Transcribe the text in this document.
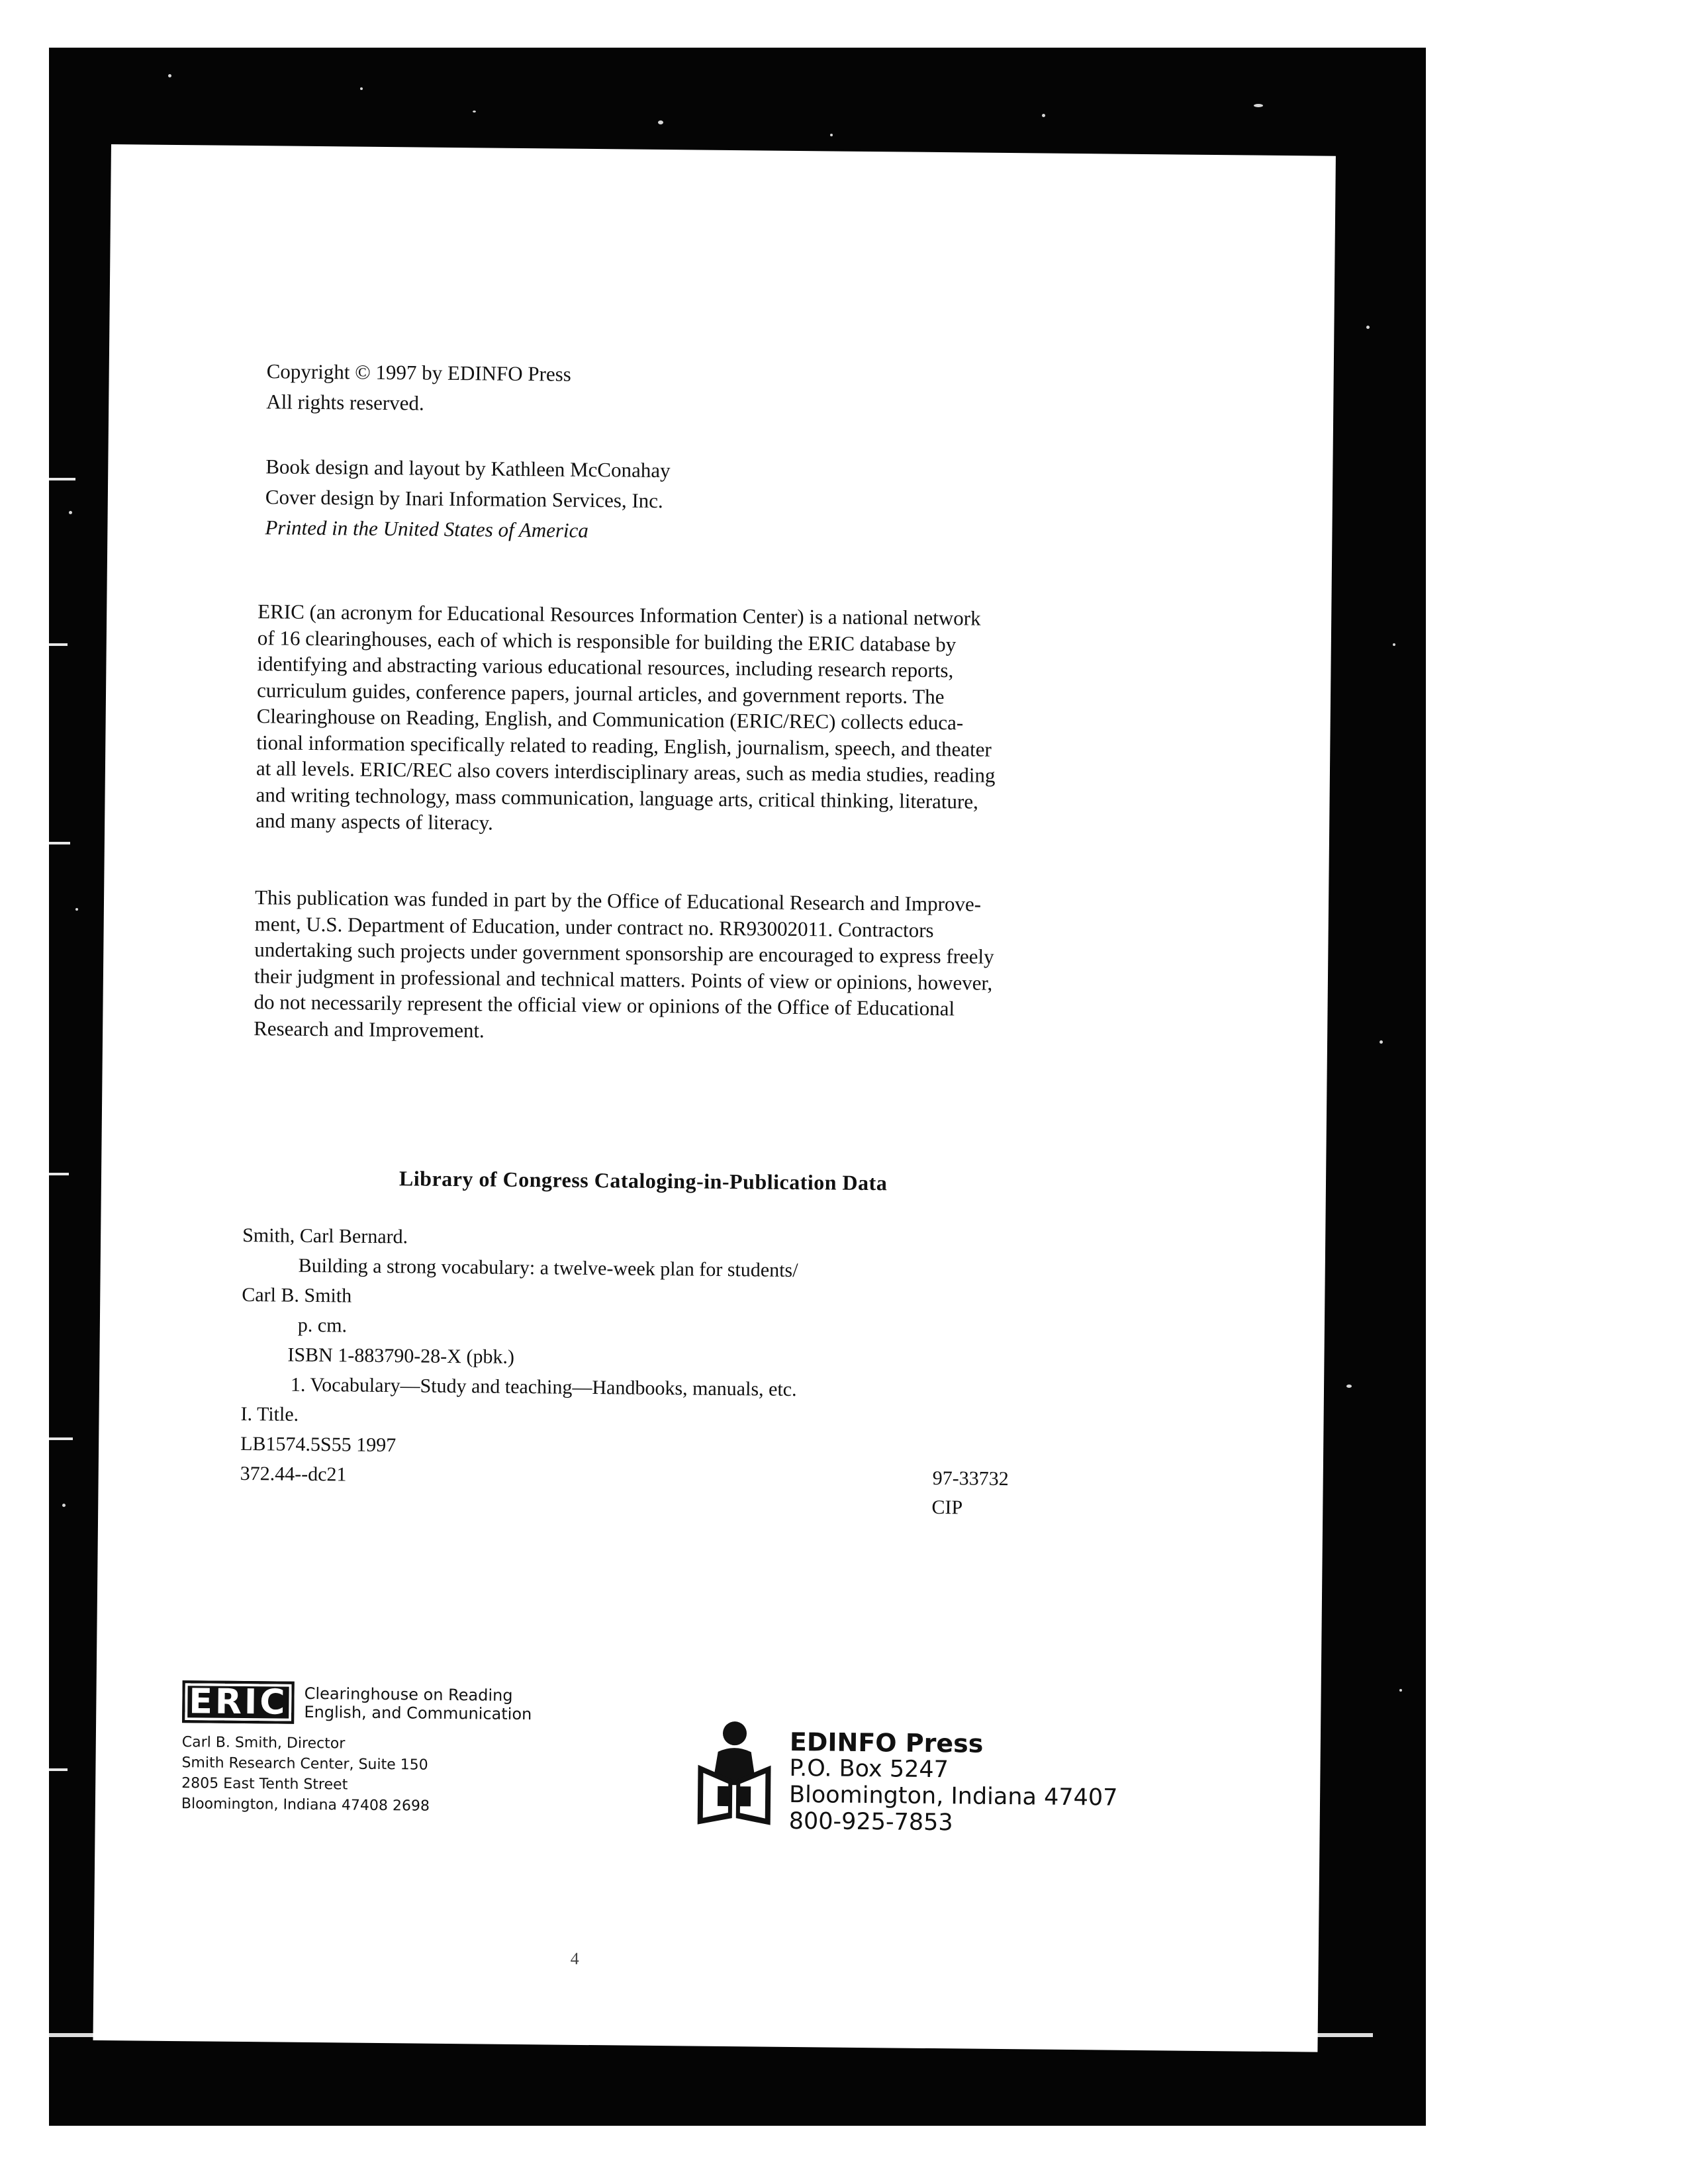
Copyright © 1997 by EDINFO Press
All rights reserved.
Book design and layout by Kathleen McConahay
Cover design by Inari Information Services, Inc.
Printed in the United States of America
ERIC (an acronym for Educational Resources Information Center) is a national network
of 16 clearinghouses, each of which is responsible for building the ERIC database by
identifying and abstracting various educational resources, including research reports,
curriculum guides, conference papers, journal articles, and government reports. The
Clearinghouse on Reading, English, and Communication (ERIC/REC) collects educa-
tional information specifically related to reading, English, journalism, speech, and theater
at all levels. ERIC/REC also covers interdisciplinary areas, such as media studies, reading
and writing technology, mass communication, language arts, critical thinking, literature,
and many aspects of literacy.
This publication was funded in part by the Office of Educational Research and Improve-
ment, U.S. Department of Education, under contract no. RR93002011. Contractors
undertaking such projects under government sponsorship are encouraged to express freely
their judgment in professional and technical matters. Points of view or opinions, however,
do not necessarily represent the official view or opinions of the Office of Educational
Research and Improvement.
Library of Congress Cataloging-in-Publication Data
Smith, Carl Bernard.
Building a strong vocabulary: a twelve-week plan for students/
Carl B. Smith
p. cm.
ISBN 1-883790-28-X (pbk.)
1. Vocabulary—Study and teaching—Handbooks, manuals, etc.
I. Title.
LB1574.5S55 1997
372.44--dc21	97-33732
CIP
ERIC Clearinghouse on Reading
English, and Communication
Carl B. Smith, Director
Smith Research Center, Suite 150
2805 East Tenth Street
Bloomington, Indiana 47408 2698
EDINFO Press
P.O. Box 5247
Bloomington, Indiana 47407
800-925-7853
4
